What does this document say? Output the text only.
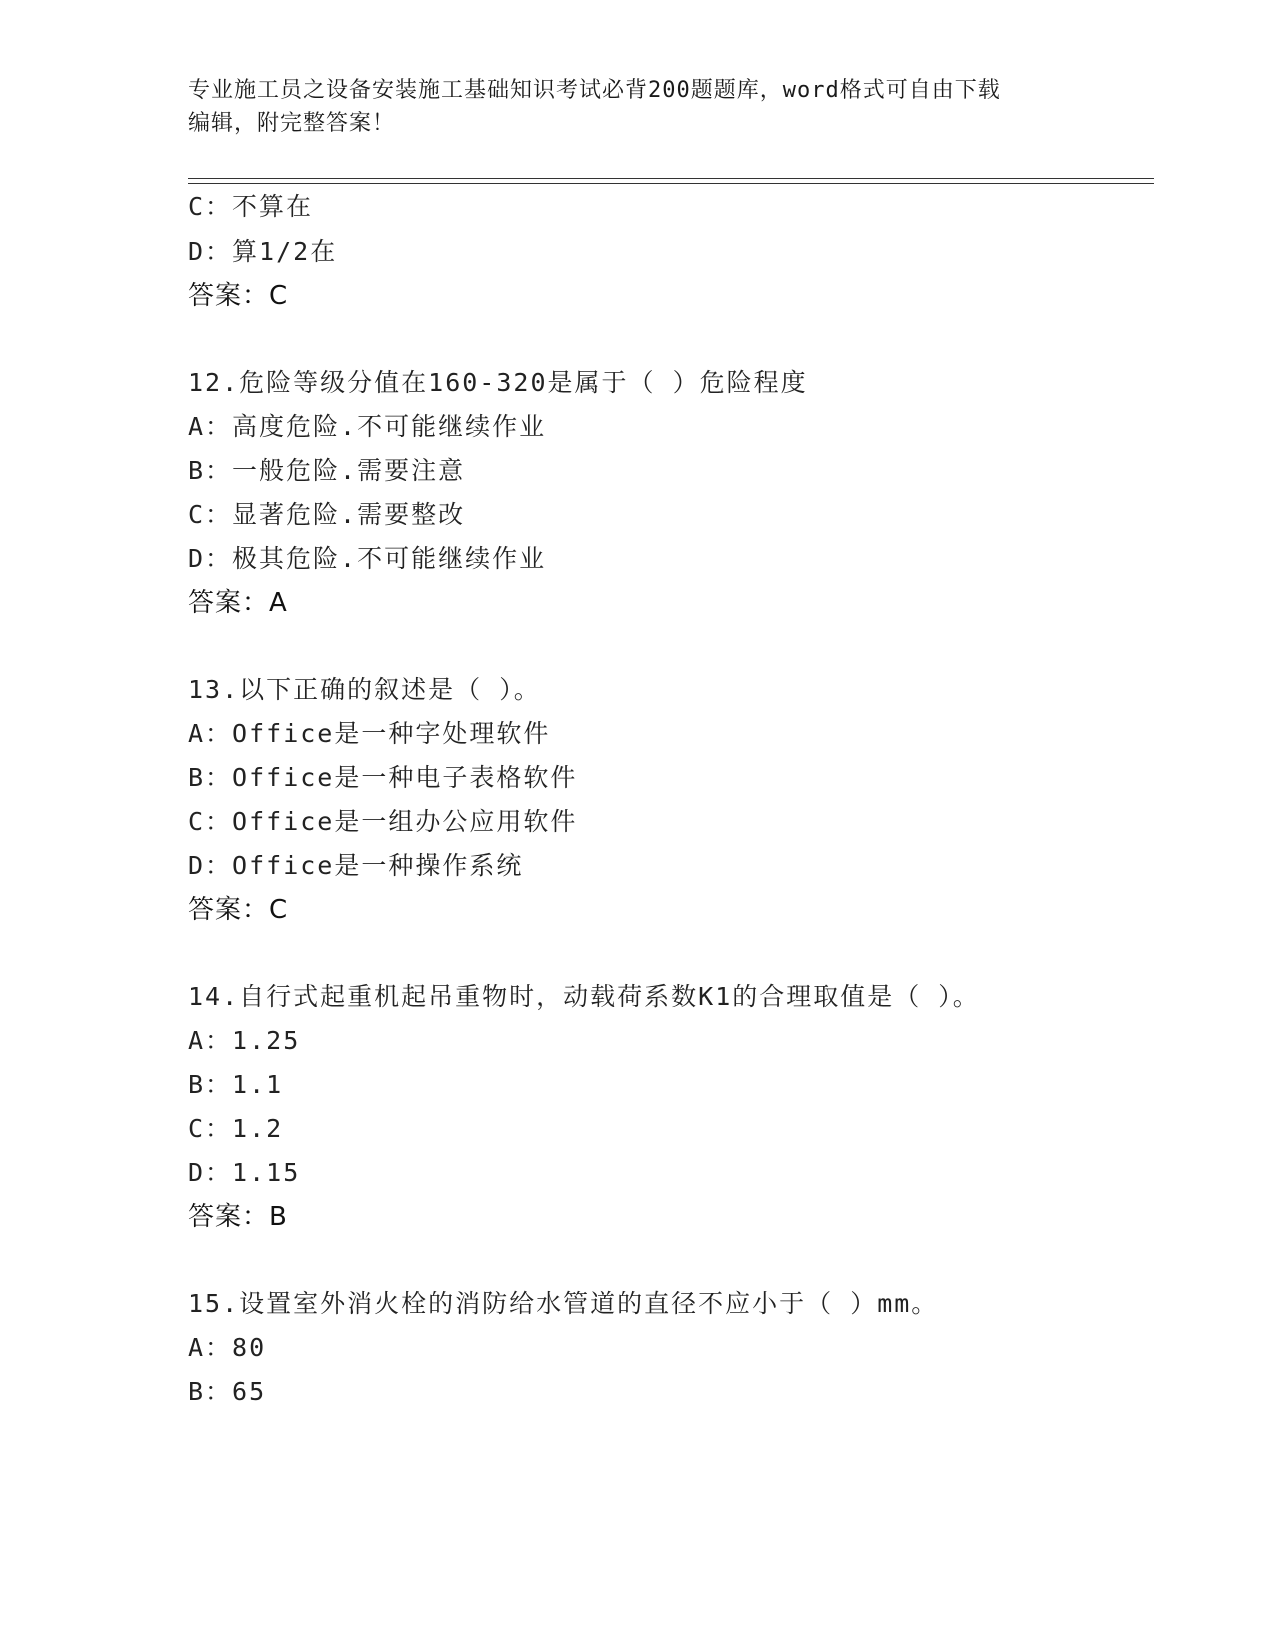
专业施工员之设备安装施工基础知识考试必背200题题库，word格式可自由下载
编辑，附完整答案！
C：不算在
D：算1/2在
答案：C
12.危险等级分值在160-320是属于（ ）危险程度
A：高度危险.不可能继续作业
B：一般危险.需要注意
C：显著危险.需要整改
D：极其危险.不可能继续作业
答案：A
13.以下正确的叙述是（ ）。
A：Office是一种字处理软件
B：Office是一种电子表格软件
C：Office是一组办公应用软件
D：Office是一种操作系统
答案：C
14.自行式起重机起吊重物时，动载荷系数K1的合理取值是（ ）。
A：1.25
B：1.1
C：1.2
D：1.15
答案：B
15.设置室外消火栓的消防给水管道的直径不应小于（ ）mm。
A：80
B：65
